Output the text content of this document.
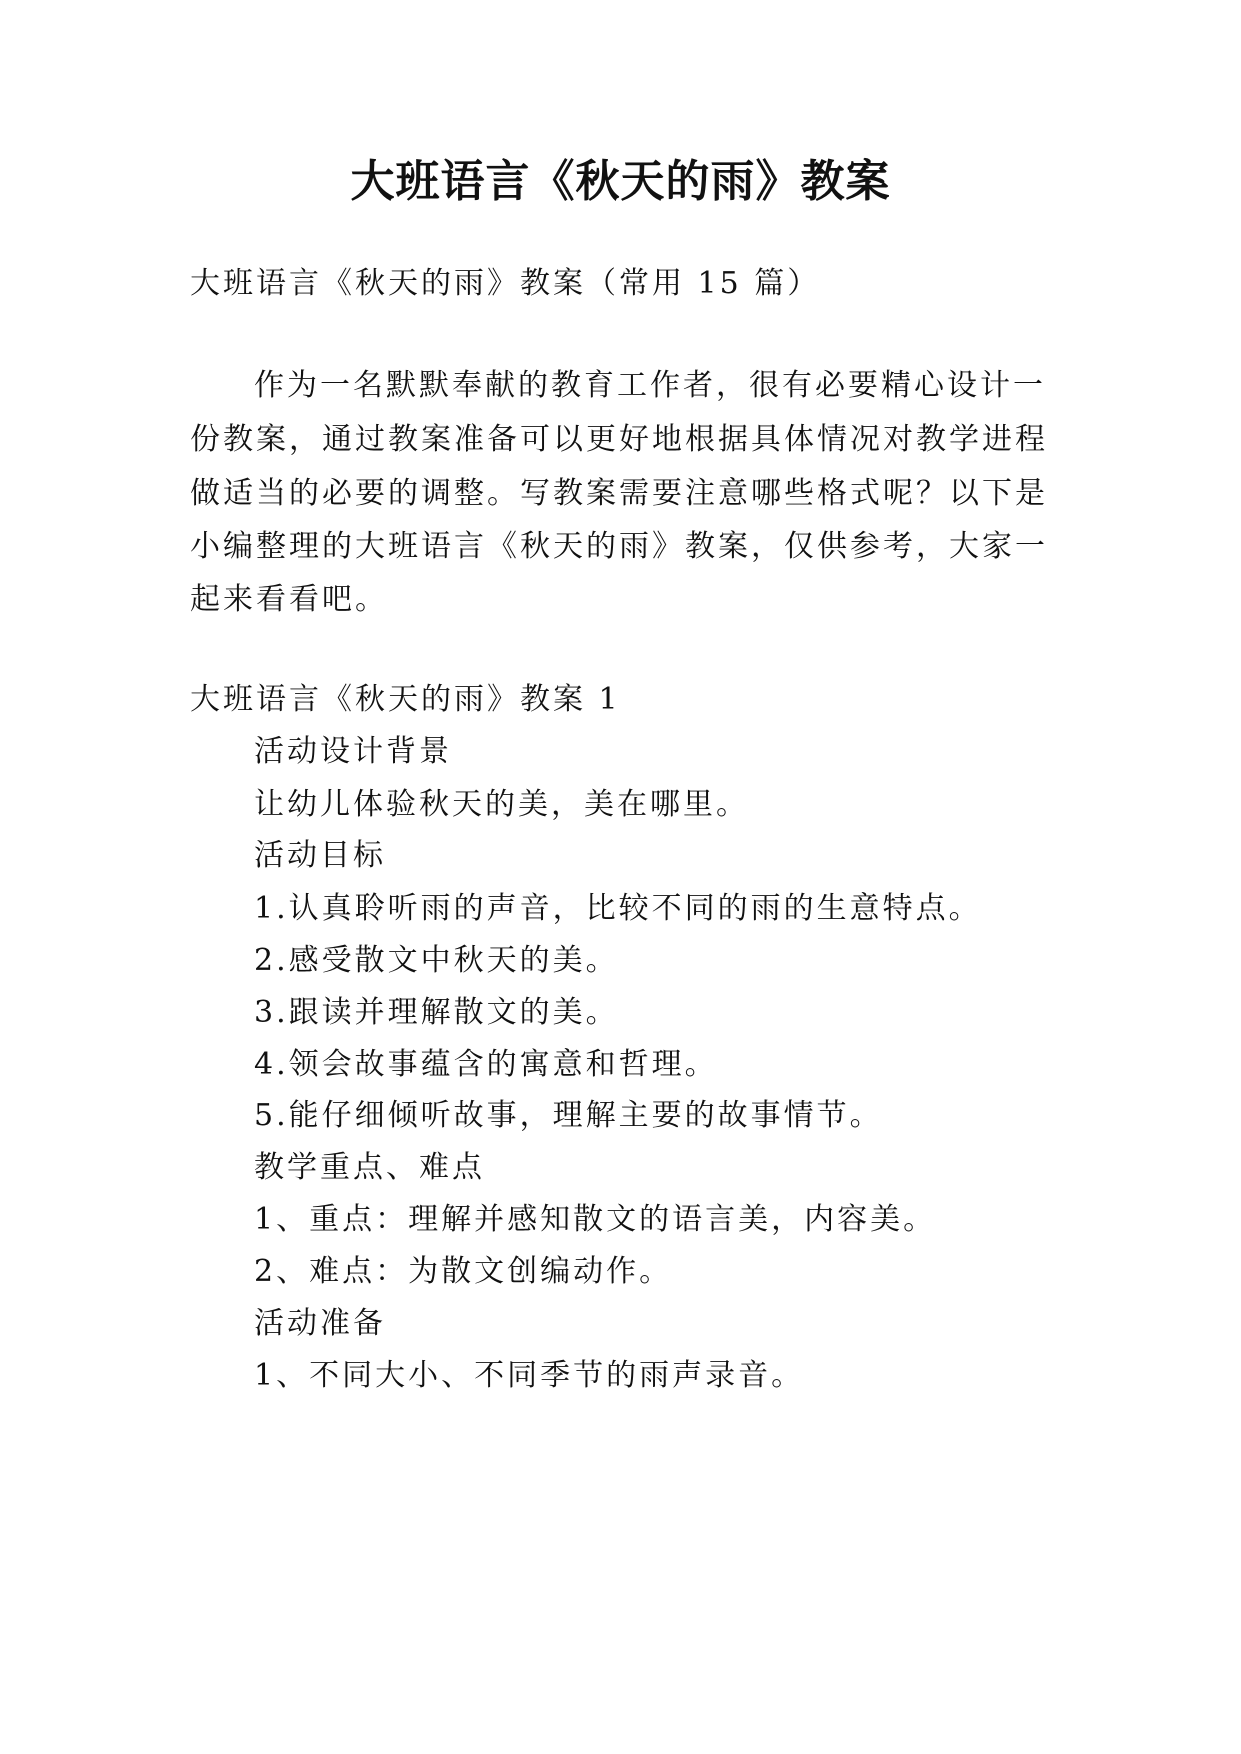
大班语言《秋天的雨》教案

大班语言《秋天的雨》教案（常用 15 篇）

作为一名默默奉献的教育工作者，很有必要精心设计一

份教案，通过教案准备可以更好地根据具体情况对教学进程

做适当的必要的调整。写教案需要注意哪些格式呢？以下是

小编整理的大班语言《秋天的雨》教案，仅供参考，大家一

起来看看吧。

大班语言《秋天的雨》教案 1

活动设计背景

让幼儿体验秋天的美，美在哪里。

活动目标

1.认真聆听雨的声音，比较不同的雨的生意特点。

2.感受散文中秋天的美。

3.跟读并理解散文的美。

4.领会故事蕴含的寓意和哲理。

5.能仔细倾听故事，理解主要的故事情节。

教学重点、难点

1、重点：理解并感知散文的语言美，内容美。

2、难点：为散文创编动作。

活动准备

1、不同大小、不同季节的雨声录音。
